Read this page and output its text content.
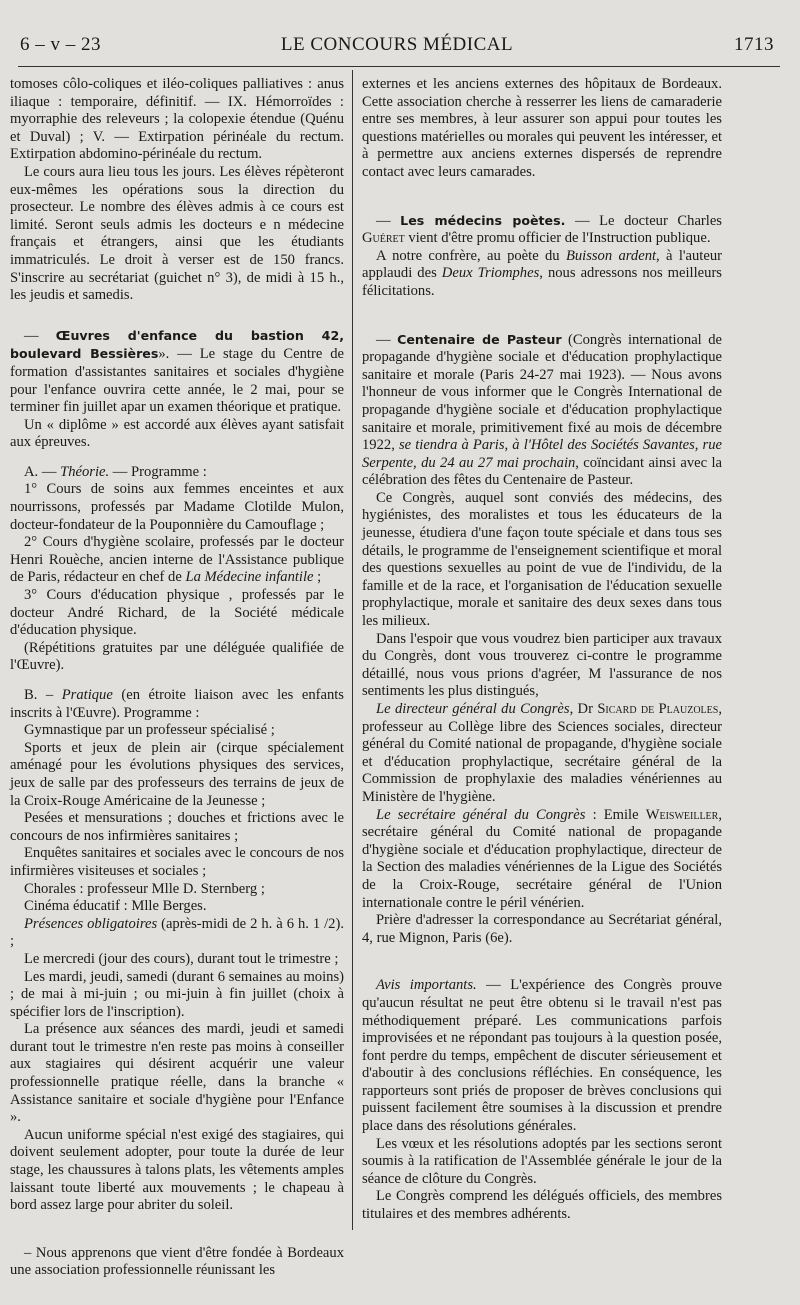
6 – v – 23	LE CONCOURS MÉDICAL	1713

tomoses côlo-coliques et iléo-coliques palliatives : anus iliaque : temporaire, définitif. — IX. Hémorroïdes : myorraphie des releveurs ; la colopexie étendue (Quénu et Duval) ; V. — Extirpation périnéale du rectum. Extirpation abdomino-périnéale du rectum.

Le cours aura lieu tous les jours. Les élèves répèteront eux-mêmes les opérations sous la direction du prosecteur. Le nombre des élèves admis à ce cours est limité. Seront seuls admis les docteurs e n médecine français et étrangers, ainsi que les étudiants immatriculés. Le droit à verser est de 150 francs. S'inscrire au secrétariat (guichet n° 3), de midi à 15 h., les jeudis et samedis.

— Œuvres d'enfance du bastion 42, boulevard Bessières». — Le stage du Centre de formation d'assistantes sanitaires et sociales d'hygiène pour l'enfance ouvrira cette année, le 2 mai, pour se terminer fin juillet apar un examen théorique et pratique.

Un « diplôme » est accordé aux élèves ayant satisfait aux épreuves.

A. — Théorie. — Programme :

1° Cours de soins aux femmes enceintes et aux nourrissons, professés par Madame Clotilde Mulon, docteur-fondateur de la Pouponnière du Camouflage ;

2° Cours d'hygiène scolaire, professés par le docteur Henri Rouèche, ancien interne de l'Assistance publique de Paris, rédacteur en chef de La Médecine infantile ;

3° Cours d'éducation physique , professés par le docteur André Richard, de la Société médicale d'éducation physique.

(Répétitions gratuites par une déléguée qualifiée de l'Œuvre).

B. – Pratique (en étroite liaison avec les enfants inscrits à l'Œuvre). Programme :

Gymnastique par un professeur spécialisé ;

Sports et jeux de plein air (cirque spécialement aménagé pour les évolutions physiques des services, jeux de salle par des professeurs des terrains de jeux de la Croix-Rouge Américaine de la Jeunesse ;

Pesées et mensurations ; douches et frictions avec le concours de nos infirmières sanitaires ;

Enquêtes sanitaires et sociales avec le concours de nos infirmières visiteuses et sociales ;

Chorales : professeur Mlle D. Sternberg ;

Cinéma éducatif : Mlle Berges.

Présences obligatoires (après-midi de 2 h. à 6 h. 1 /2). ;

Le mercredi (jour des cours), durant tout le trimestre ;

Les mardi, jeudi, samedi (durant 6 semaines au moins) ; de mai à mi-juin ; ou mi-juin à fin juillet (choix à spécifier lors de l'inscription).

La présence aux séances des mardi, jeudi et samedi durant tout le trimestre n'en reste pas moins à conseiller aux stagiaires qui désirent acquérir une valeur professionnelle pratique réelle, dans la branche « Assistance sanitaire et sociale d'hygiène pour l'Enfance ».

Aucun uniforme spécial n'est exigé des stagiaires, qui doivent seulement adopter, pour toute la durée de leur stage, les chaussures à talons plats, les vêtements amples laissant toute liberté aux mouvements ; le chapeau à bord assez large pour abriter du soleil.

– Nous apprenons que vient d'être fondée à Bordeaux une association professionnelle réunissant les

externes et les anciens externes des hôpitaux de Bordeaux. Cette association cherche à resserrer les liens de camaraderie entre ses membres, à leur assurer son appui pour toutes les questions matérielles ou morales qui peuvent les intéresser, et à permettre aux anciens externes dispersés de reprendre contact avec leurs camarades.

— Les médecins poètes. — Le docteur Charles Guéret vient d'être promu officier de l'Instruction publique.

A notre confrère, au poète du Buisson ardent, à l'auteur applaudi des Deux Triomphes, nous adressons nos meilleurs félicitations.

— Centenaire de Pasteur (Congrès international de propagande d'hygiène sociale et d'éducation prophylactique sanitaire et morale (Paris 24-27 mai 1923). — Nous avons l'honneur de vous informer que le Congrès International de propagande d'hygiène sociale et d'éducation prophylactique sanitaire et morale, primitivement fixé au mois de décembre 1922, se tiendra à Paris, à l'Hôtel des Sociétés Savantes, rue Serpente, du 24 au 27 mai prochain, coïncidant ainsi avec la célébration des fêtes du Centenaire de Pasteur.

Ce Congrès, auquel sont conviés des médecins, des hygiénistes, des moralistes et tous les éducateurs de la jeunesse, étudiera d'une façon toute spéciale et dans tous ses détails, le programme de l'enseignement scientifique et moral des questions sexuelles au point de vue de l'individu, de la famille et de la race, et l'organisation de l'éducation sexuelle prophylactique, morale et sanitaire des deux sexes dans tous les milieux.

Dans l'espoir que vous voudrez bien participer aux travaux du Congrès, dont vous trouverez ci-contre le programme détaillé, nous vous prions d'agréer, M l'assurance de nos sentiments les plus distingués,

Le directeur général du Congrès, Dr Sicard de Plauzoles, professeur au Collège libre des Sciences sociales, directeur général du Comité national de propagande, d'hygiène sociale et d'éducation prophylactique, secrétaire général de la Commission de prophylaxie des maladies vénériennes au Ministère de l'hygiène.

Le secrétaire général du Congrès : Emile Weisweiller, secrétaire général du Comité national de propagande d'hygiène sociale et d'éducation prophylactique, directeur de la Section des maladies vénériennes de la Ligue des Sociétés de la Croix-Rouge, secrétaire général de l'Union internationale contre le péril vénérien.

Prière d'adresser la correspondance au Secrétariat général, 4, rue Mignon, Paris (6e).

Avis importants. — L'expérience des Congrès prouve qu'aucun résultat ne peut être obtenu si le travail n'est pas méthodiquement préparé. Les communications parfois improvisées et ne répondant pas toujours à la question posée, font perdre du temps, empêchent de discuter sérieusement et d'aboutir à des conclusions réfléchies. En conséquence, les rapporteurs sont priés de proposer de brèves conclusions qui puissent facilement être soumises à la discussion et prendre place dans des résolutions générales.

Les vœux et les résolutions adoptés par les sections seront soumis à la ratification de l'Assemblée générale le jour de la séance de clôture du Congrès.

Le Congrès comprend les délégués officiels, des membres titulaires et des membres adhérents.
